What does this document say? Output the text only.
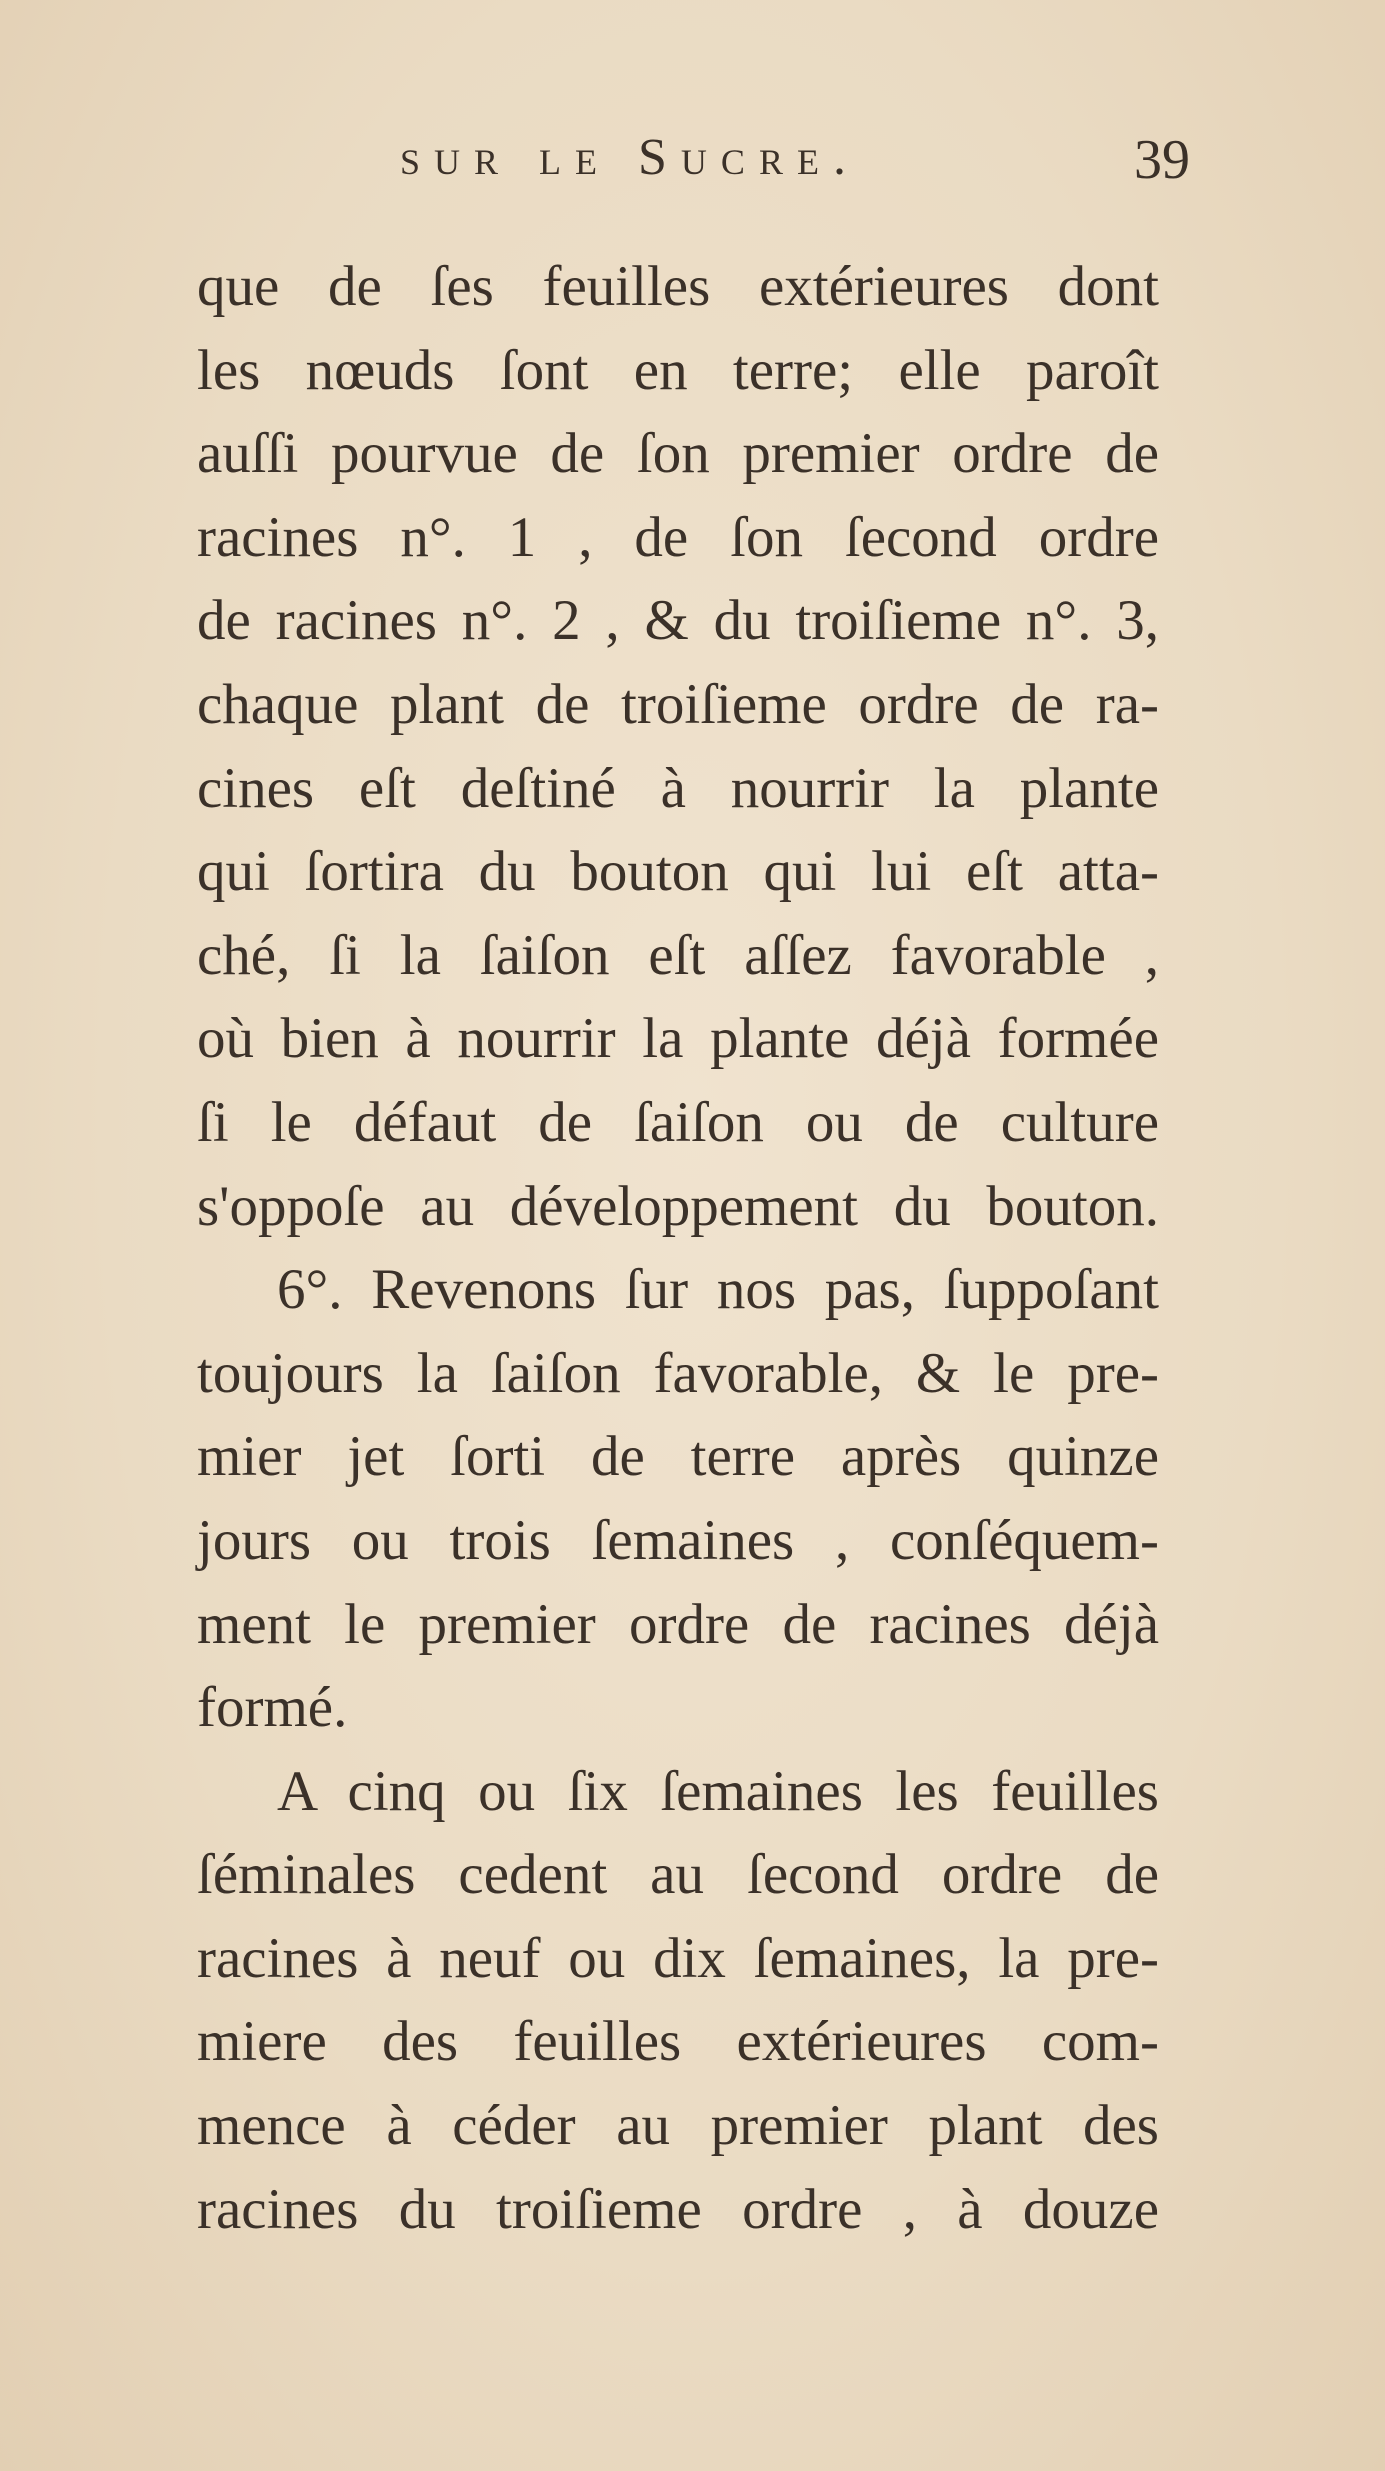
sur le Sucre.	39
que de ſes feuilles extérieures dont
les nœuds ſont en terre; elle paroît
auſſi pourvue de ſon premier ordre de
racines n°. 1 , de ſon ſecond ordre
de racines n°. 2 , & du troiſieme n°. 3,
chaque plant de troiſieme ordre de ra-
cines eſt deſtiné à nourrir la plante
qui ſortira du bouton qui lui eſt atta-
ché, ſi la ſaiſon eſt aſſez favorable ,
où bien à nourrir la plante déjà formée
ſi le défaut de ſaiſon ou de culture
s'oppoſe au développement du bouton.
6°. Revenons ſur nos pas, ſuppoſant
toujours la ſaiſon favorable, & le pre-
mier jet ſorti de terre après quinze
jours ou trois ſemaines , conſéquem-
ment le premier ordre de racines déjà
formé.
A cinq ou ſix ſemaines les feuilles
ſéminales cedent au ſecond ordre de
racines à neuf ou dix ſemaines, la pre-
miere des feuilles extérieures com-
mence à céder au premier plant des
racines du troiſieme ordre , à douze
